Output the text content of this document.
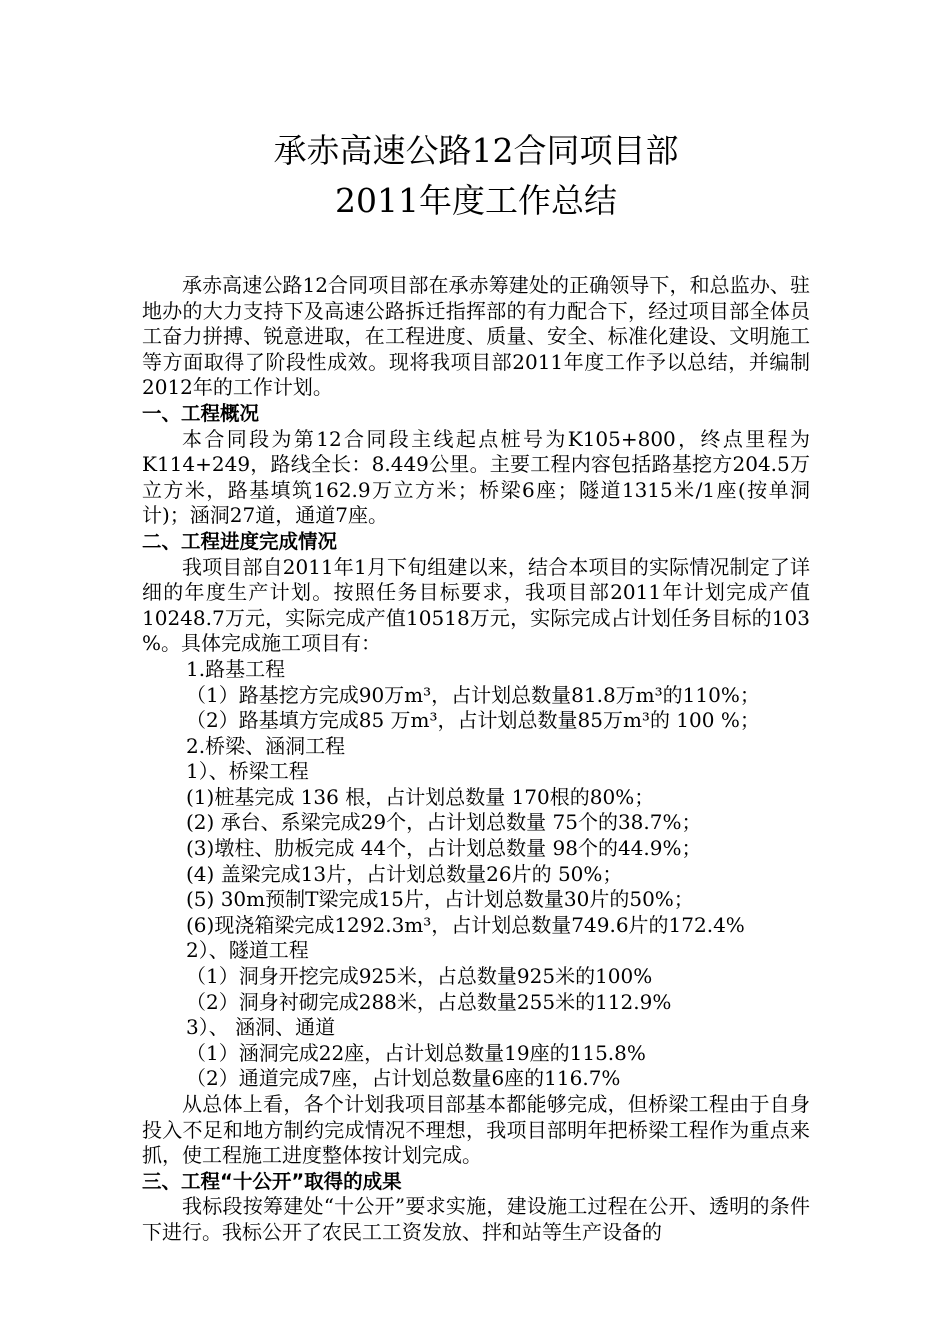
承赤高速公路12合同项目部
2011年度工作总结

承赤高速公路12合同项目部在承赤筹建处的正确领导下，和总监办、驻地办的大力支持下及高速公路拆迁指挥部的有力配合下，经过项目部全体员工奋力拼搏、锐意进取，在工程进度、质量、安全、标准化建设、文明施工等方面取得了阶段性成效。现将我项目部2011年度工作予以总结，并编制2012年的工作计划。

一、工程概况

本合同段为第12合同段主线起点桩号为K105+800，终点里程为K114+249，路线全长：8.449公里。主要工程内容包括路基挖方204.5万立方米，路基填筑162.9万立方米；桥梁6座；隧道1315米/1座(按单洞计)；涵洞27道，通道7座。

二、工程进度完成情况

我项目部自2011年1月下旬组建以来，结合本项目的实际情况制定了详细的年度生产计划。按照任务目标要求，我项目部2011年计划完成产值10248.7万元，实际完成产值10518万元，实际完成占计划任务目标的103 %。具体完成施工项目有：

1.路基工程

（1）路基挖方完成90万m³，占计划总数量81.8万m³的110%；

（2）路基填方完成85 万m³，占计划总数量85万m³的 100 %；

2.桥梁、涵洞工程

1）、桥梁工程

(1)桩基完成 136 根，占计划总数量 170根的80%；

(2) 承台、系梁完成29个，占计划总数量 75个的38.7%；

(3)墩柱、肋板完成 44个，占计划总数量 98个的44.9%；

(4) 盖梁完成13片，占计划总数量26片的 50%；

(5) 30m预制T梁完成15片，占计划总数量30片的50%；

(6)现浇箱梁完成1292.3m³，占计划总数量749.6片的172.4%

2）、隧道工程

（1）洞身开挖完成925米，占总数量925米的100%

（2）洞身衬砌完成288米，占总数量255米的112.9%

3）、 涵洞、通道

（1）涵洞完成22座，占计划总数量19座的115.8%

（2）通道完成7座，占计划总数量6座的116.7%

从总体上看，各个计划我项目部基本都能够完成，但桥梁工程由于自身投入不足和地方制约完成情况不理想，我项目部明年把桥梁工程作为重点来抓，使工程施工进度整体按计划完成。

三、工程“十公开”取得的成果

我标段按筹建处“十公开”要求实施，建设施工过程在公开、透明的条件下进行。我标公开了农民工工资发放、拌和站等生产设备的
